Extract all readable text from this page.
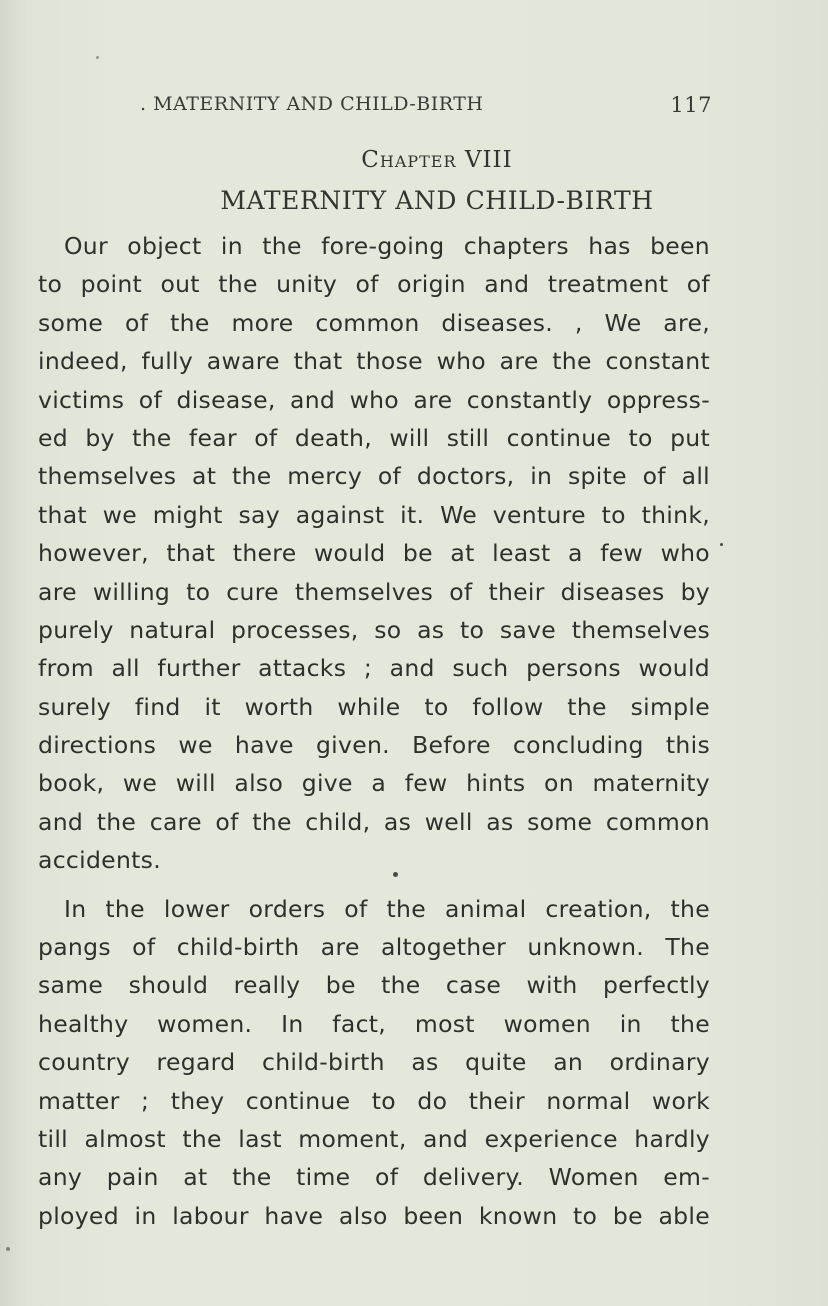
. MATERNITY AND CHILD-BIRTH	117
Chapter VIII
MATERNITY AND CHILD-BIRTH
Our object in the fore-going chapters has been
to point out the unity of origin and treatment of
some of the more common diseases. , We are,
indeed, fully aware that those who are the constant
victims of disease, and who are constantly oppress-
ed by the fear of death, will still continue to put
themselves at the mercy of doctors, in spite of all
that we might say against it. We venture to think,
however, that there would be at least a few who
are willing to cure themselves of their diseases by
purely natural processes, so as to save themselves
from all further attacks ; and such persons would
surely find it worth while to follow the simple
directions we have given. Before concluding this
book, we will also give a few hints on maternity
and the care of the child, as well as some common
accidents.
In the lower orders of the animal creation, the
pangs of child-birth are altogether unknown. The
same should really be the case with perfectly
healthy women. In fact, most women in the
country regard child-birth as quite an ordinary
matter ; they continue to do their normal work
till almost the last moment, and experience hardly
any pain at the time of delivery. Women em-
ployed in labour have also been known to be able
